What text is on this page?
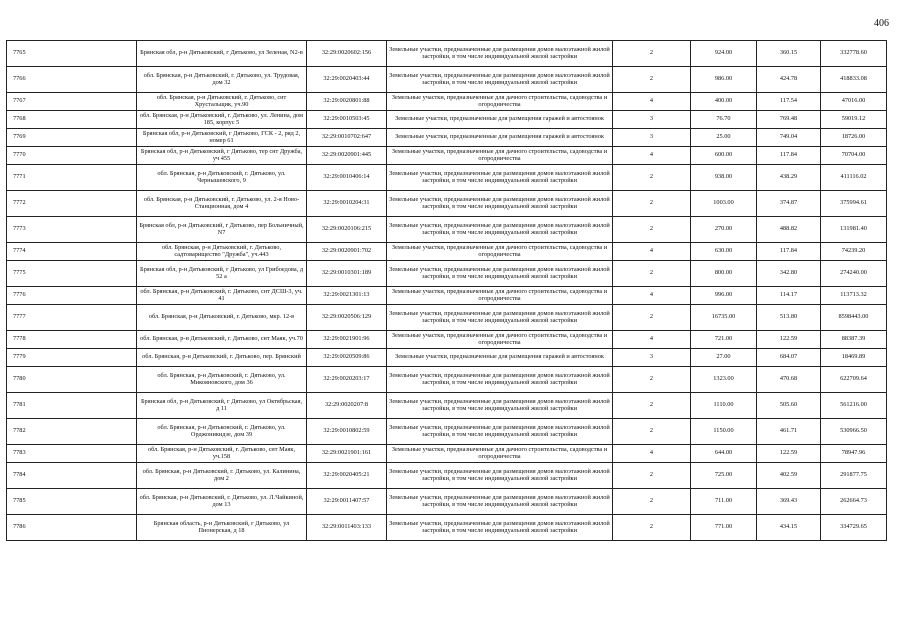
406
7765	Брянская обл, р-н Дятьковский, г Дятьково, ул Зеленая, N2-в	32:29:0020602:156	Земельные участки, предназначенные для размещения домов малоэтажной жилой застройки, в том числе индивидуальной жилой застройки	2	924.00	360.15	332778.60
7766	обл. Брянская, р-н Дятьковский, г. Дятьково, ул. Трудовая, дом 32	32:29:0020403:44	Земельные участки, предназначенные для размещения домов малоэтажной жилой застройки, в том числе индивидуальной жилой застройки	2	986.00	424.78	418833.08
7767	обл. Брянская, р-н Дятьковский, г. Дятьково, снт Хрустальщик, уч.90	32:29:0020801:88	Земельные участки, предназначенные для дачного строительства, садоводства и огородничества	4	400.00	117.54	47016.00
7768	обл. Брянская, р-н Дятьковский, г. Дятьково, ул. Ленина, дом 185, корпус 5	32:29:0010503:45	Земельные участки, предназначенные для размещения гаражей и автостоянок	3	76.70	769.48	59019.12
7769	Брянская обл, р-н Дятьковский, г Дятьково, ГСК - 2, ряд 2, номер 61	32:29:0010702:647	Земельные участки, предназначенные для размещения гаражей и автостоянок	3	25.00	749.04	18726.00
7770	Брянская обл, р-н Дятьковский, г Дятьково, тер снт Дружба, уч 455	32:29:0020901:445	Земельные участки, предназначенные для дачного строительства, садоводства и огородничества	4	600.00	117.84	70704.00
7771	обл. Брянская, р-н Дятьковский, г. Дятьково, ул. Чернышевского, 9	32:29:0010406:14	Земельные участки, предназначенные для размещения домов малоэтажной жилой застройки, в том числе индивидуальной жилой застройки	2	938.00	438.29	411116.02
7772	обл. Брянская, р-н Дятьковский, г. Дятьково, ул. 2-я Ново-Станционная, дом 4	32:29:0010204:31	Земельные участки, предназначенные для размещения домов малоэтажной жилой застройки, в том числе индивидуальной жилой застройки	2	1003.00	374.87	375994.61
7773	Брянская обл, р-н Дятьковский, г Дятьково, пер Больничный, N7	32:29:0020106:215	Земельные участки, предназначенные для размещения домов малоэтажной жилой застройки, в том числе индивидуальной жилой застройки	2	270.00	488.82	131981.40
7774	обл. Брянская, р-н Дятьковский, г. Дятьково, садтоварищество "Дружба", уч.443	32:29:0020901:702	Земельные участки, предназначенные для дачного строительства, садоводства и огородничества	4	630.00	117.84	74239.20
7775	Брянская обл, р-н Дятьковский, г Дятьково, ул Грибоедова, д 52 а	32:29:0010301:189	Земельные участки, предназначенные для размещения домов малоэтажной жилой застройки, в том числе индивидуальной жилой застройки	2	800.00	342.80	274240.00
7776	обл. Брянская, р-н Дятьковский, г. Дятьково, снт ДСШ-3, уч. 41	32:29:0021301:13	Земельные участки, предназначенные для дачного строительства, садоводства и огородничества	4	996.00	114.17	113713.32
7777	обл. Брянская, р-н Дятьковский, г. Дятьково, мкр. 12-в	32:29:0020506:129	Земельные участки, предназначенные для размещения домов малоэтажной жилой застройки, в том числе индивидуальной жилой застройки	2	16735.00	513.80	8598443.00
7778	обл. Брянская, р-н Дятьковский, г. Дятьково, снт Маяк, уч.70	32:29:0021901:96	Земельные участки, предназначенные для дачного строительства, садоводства и огородничества	4	721.00	122.59	88387.39
7779	обл. Брянская, р-н Дятьковский, г. Дятьково, пер. Брянский	32:29:0020509:86	Земельные участки, предназначенные для размещения гаражей и автостоянок	3	27.00	684.07	18469.89
7780	обл. Брянская, р-н Дятьковский, г. Дятьково, ул. Микояновского, дом 36	32:29:0020203:17	Земельные участки, предназначенные для размещения домов малоэтажной жилой застройки, в том числе индивидуальной жилой застройки	2	1323.00	470.68	622709.64
7781	Брянская обл, р-н Дятьковский, г Дятьково, ул Октябрьская, д 11	32:29:0020207:8	Земельные участки, предназначенные для размещения домов малоэтажной жилой застройки, в том числе индивидуальной жилой застройки	2	1110.00	505.60	561216.00
7782	обл. Брянская, р-н Дятьковский, г. Дятьково, ул. Орджоникидзе, дом 39	32:29:0010802:59	Земельные участки, предназначенные для размещения домов малоэтажной жилой застройки, в том числе индивидуальной жилой застройки	2	1150.00	461.71	530966.50
7783	обл. Брянская, р-н Дятьковский, г. Дятьково, снт Маяк, уч.158	32:29:0021901:161	Земельные участки, предназначенные для дачного строительства, садоводства и огородничества	4	644.00	122.59	78947.96
7784	обл. Брянская, р-н Дятьковский, г. Дятьково, ул. Калинина, дом 2	32:29:0020405:21	Земельные участки, предназначенные для размещения домов малоэтажной жилой застройки, в том числе индивидуальной жилой застройки	2	725.00	402.59	291877.75
7785	обл. Брянская, р-н Дятьковский, г. Дятьково, ул. Л.Чайкиной, дом 13	32:29:0011407:57	Земельные участки, предназначенные для размещения домов малоэтажной жилой застройки, в том числе индивидуальной жилой застройки	2	711.00	369.43	262664.73
7786	Брянская область, р-н Дятьковский, г Дятьково, ул Пионерская, д 18	32:29:0011403:133	Земельные участки, предназначенные для размещения домов малоэтажной жилой застройки, в том числе индивидуальной жилой застройки	2	771.00	434.15	334729.65
